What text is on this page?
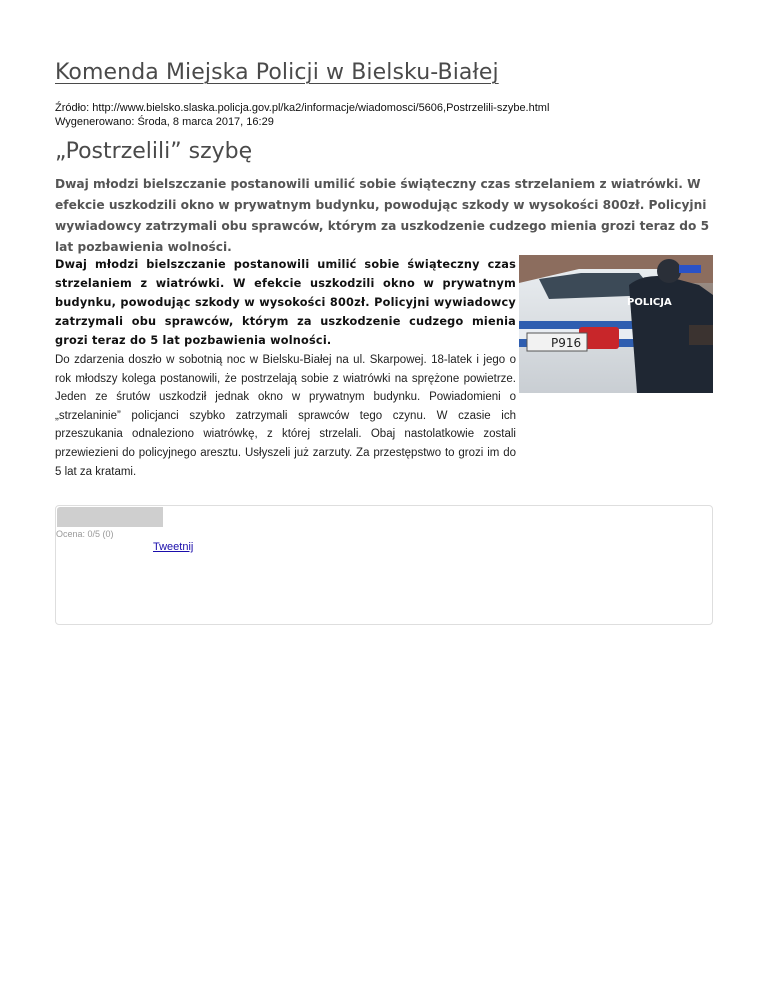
Komenda Miejska Policji w Bielsku-Białej
Źródło: http://www.bielsko.slaska.policja.gov.pl/ka2/informacje/wiadomosci/5606,Postrzelili-szybe.html
Wygenerowano: Środa, 8 marca 2017, 16:29
„Postrzelili” szybę

Dwaj młodzi bielszczanie postanowili umilić sobie świąteczny czas strzelaniem z wiatrówki. W efekcie uszkodzili okno w prywatnym budynku, powodując szkody w wysokości 800zł. Policyjni wywiadowcy zatrzymali obu sprawców, którym za uszkodzenie cudzego mienia grozi teraz do 5 lat pozbawienia wolności.

Dwaj młodzi bielszczanie postanowili umilić sobie świąteczny czas strzelaniem z wiatrówki. W efekcie uszkodzili okno w prywatnym budynku, powodując szkody w wysokości 800zł. Policyjni wywiadowcy zatrzymali obu sprawców, którym za uszkodzenie cudzego mienia grozi teraz do 5 lat pozbawienia wolności.

Do zdarzenia doszło w sobotnią noc w Bielsku-Białej na ul. Skarpowej. 18-latek i jego o rok młodszy kolega postanowili, że postrzelają sobie z wiatrówki na sprężone powietrze. Jeden ze śrutów uszkodził jednak okno w prywatnym budynku. Powiadomieni o „strzelaninie” policjanci szybko zatrzymali sprawców tego czynu. W czasie ich przeszukania odnaleziono wiatrówkę, z której strzelali. Obaj nastolatkowie zostali przewiezieni do policyjnego aresztu. Usłyszeli już zarzuty. Za przestępstwo to grozi im do 5 lat za kratami.

P916
POLICJA
Ocena: 0/5 (0)
Tweetnij
